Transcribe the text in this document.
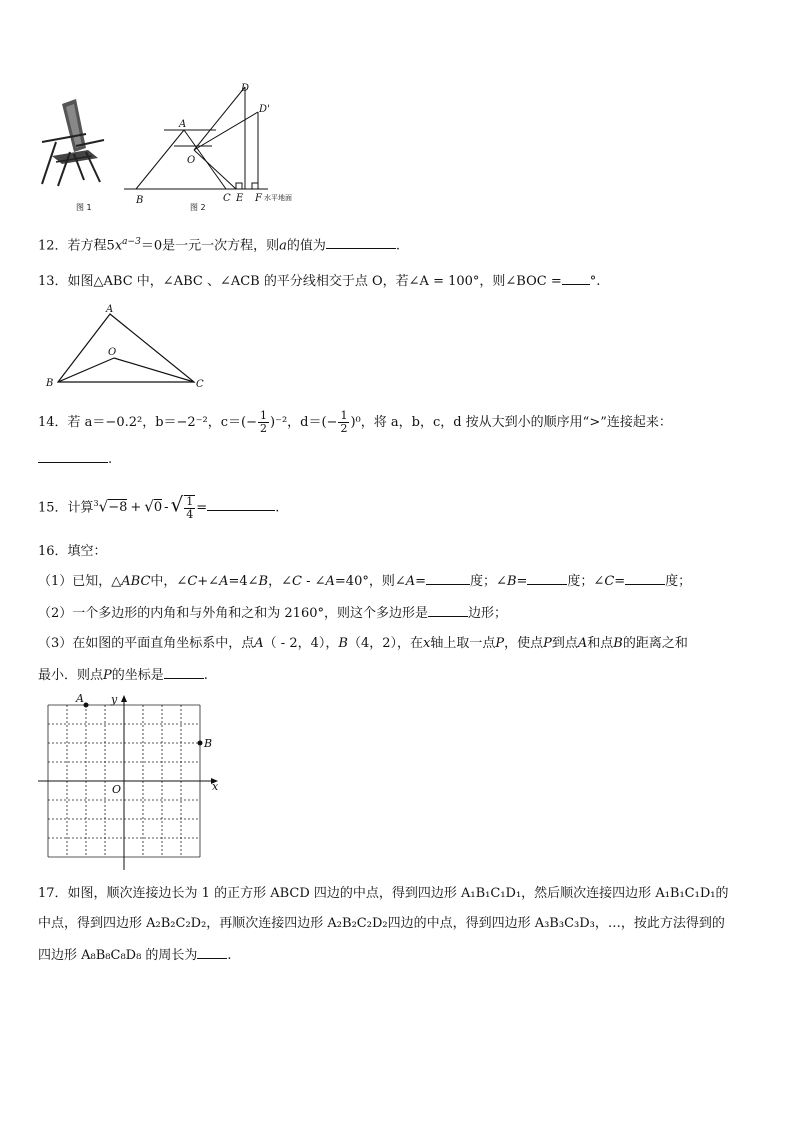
图 1
A
B	C
D
D'
E F
O
图 2
水平地面
12．若方程$5x^{a-3}=0$是一元一次方程，则a的值为	.
13．如图△ABC 中，∠ABC 、∠ACB 的平分线相交于点 O，若∠A = 100°，则∠BOC = °.
A
B	C
O
14．若 a＝−0.2²，b＝−2⁻²，$c=(- \frac{1}{2} )^{-2}$，$d=(- \frac{1}{2} )^0$，将 a，b，c，d 按从大到小的顺序用“>”连接起来：
.
15．计算$^3$√−8 + √0 - √ $\frac{1}{4}$ =	.
16．填空：
（1）已知，△ABC中，∠C+∠A=4∠B，∠C - ∠A=40°，则∠A=	度；∠B=	度；∠C=	度；
（2）一个多边形的内角和与外角和之和为 2160°，则这个多边形是	边形；
（3）在如图的平面直角坐标系中，点A（ - 2，4），B（4，2），在x轴上取一点P，使点P到点A和点B的距离之和
最小．则点P的坐标是	.
A
B
O	x
y
17．如图，顺次连接边长为 1 的正方形 ABCD 四边的中点，得到四边形 A₁B₁C₁D₁，然后顺次连接四边形 A₁B₁C₁D₁的
中点，得到四边形 A₂B₂C₂D₂，再顺次连接四边形 A₂B₂C₂D₂四边的中点，得到四边形 A₃B₃C₃D₃，…，按此方法得到的
四边形 A₈B₈C₈D₈ 的周长为 .
